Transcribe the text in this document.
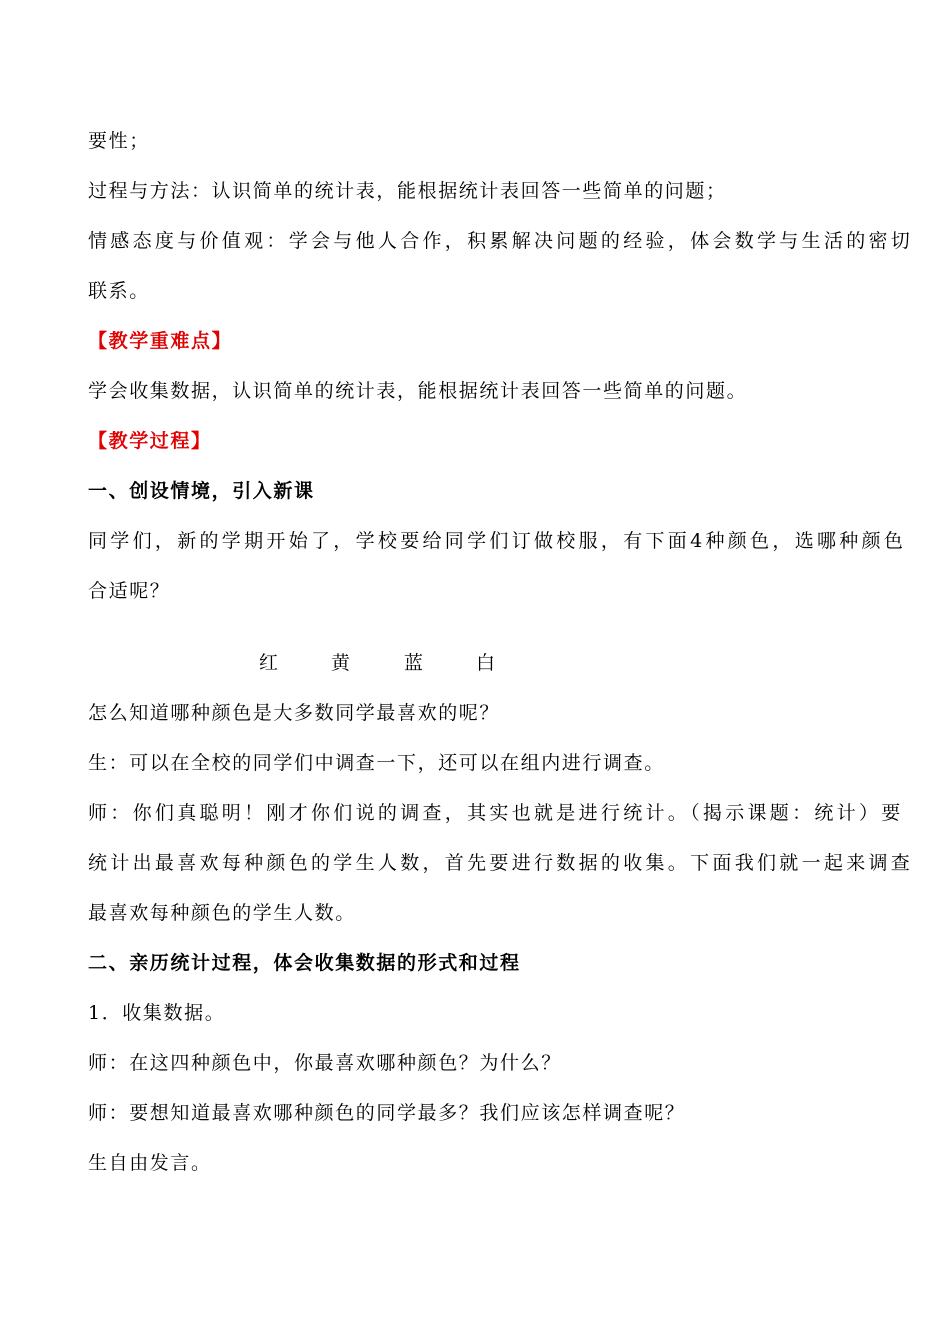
要性；
过程与方法：认识简单的统计表，能根据统计表回答一些简单的问题；
情感态度与价值观：学会与他人合作，积累解决问题的经验，体会数学与生活的密切
联系。
【教学重难点】
学会收集数据，认识简单的统计表，能根据统计表回答一些简单的问题。
【教学过程】
一、创设情境，引入新课
同学们，新的学期开始了，学校要给同学们订做校服，有下面4种颜色，选哪种颜色
合适呢？
红	黄	蓝	白
怎么知道哪种颜色是大多数同学最喜欢的呢？
生：可以在全校的同学们中调查一下，还可以在组内进行调查。
师：你们真聪明！刚才你们说的调查，其实也就是进行统计。（揭示课题：统计）要
统计出最喜欢每种颜色的学生人数，首先要进行数据的收集。下面我们就一起来调查
最喜欢每种颜色的学生人数。
二、亲历统计过程，体会收集数据的形式和过程
1．收集数据。
师：在这四种颜色中，你最喜欢哪种颜色？为什么？
师：要想知道最喜欢哪种颜色的同学最多？我们应该怎样调查呢？
生自由发言。
